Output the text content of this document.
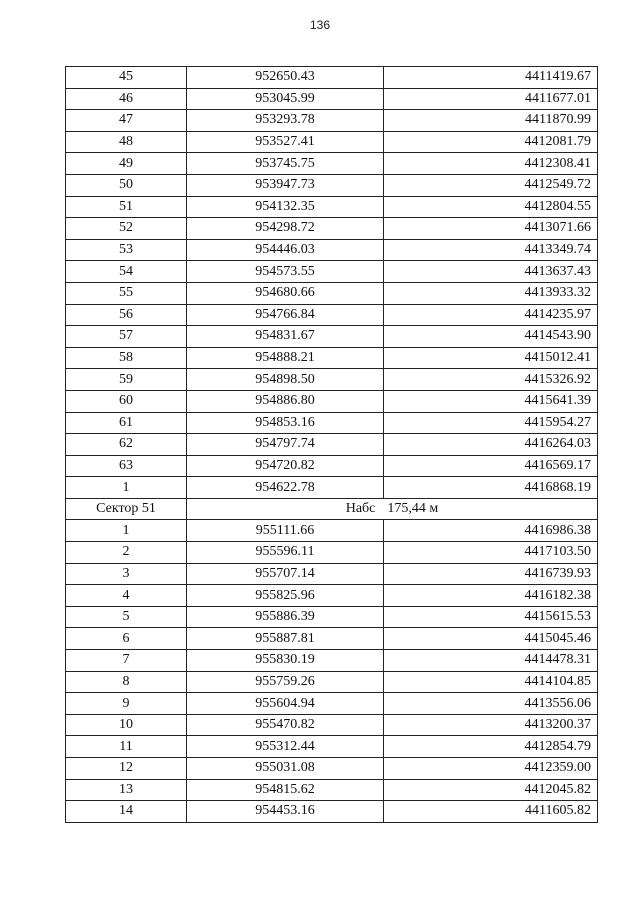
136
45	952650.43	4411419.67
46	953045.99	4411677.01
47	953293.78	4411870.99
48	953527.41	4412081.79
49	953745.75	4412308.41
50	953947.73	4412549.72
51	954132.35	4412804.55
52	954298.72	4413071.66
53	954446.03	4413349.74
54	954573.55	4413637.43
55	954680.66	4413933.32
56	954766.84	4414235.97
57	954831.67	4414543.90
58	954888.21	4415012.41
59	954898.50	4415326.92
60	954886.80	4415641.39
61	954853.16	4415954.27
62	954797.74	4416264.03
63	954720.82	4416569.17
1	954622.78	4416868.19
Сектор 51	Набс 175,44 м	
1	955111.66	4416986.38
2	955596.11	4417103.50
3	955707.14	4416739.93
4	955825.96	4416182.38
5	955886.39	4415615.53
6	955887.81	4415045.46
7	955830.19	4414478.31
8	955759.26	4414104.85
9	955604.94	4413556.06
10	955470.82	4413200.37
11	955312.44	4412854.79
12	955031.08	4412359.00
13	954815.62	4412045.82
14	954453.16	4411605.82
